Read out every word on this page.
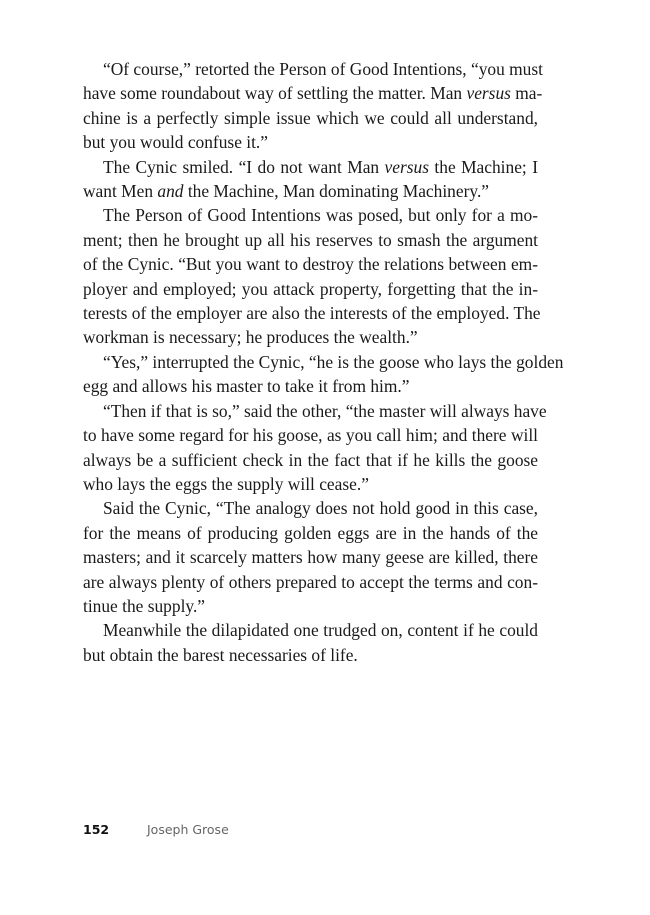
“Of course,” retorted the Person of Good Intentions, “you must
have some roundabout way of settling the matter. Man versus ma-
chine is a perfectly simple issue which we could all understand,
but you would confuse it.”

The Cynic smiled. “I do not want Man versus the Machine; I
want Men and the Machine, Man dominating Machinery.”

The Person of Good Intentions was posed, but only for a mo-
ment; then he brought up all his reserves to smash the argument
of the Cynic. “But you want to destroy the relations between em-
ployer and employed; you attack property, forgetting that the in-
terests of the employer are also the interests of the employed. The
workman is necessary; he produces the wealth.”

“Yes,” interrupted the Cynic, “he is the goose who lays the golden
egg and allows his master to take it from him.”

“Then if that is so,” said the other, “the master will always have
to have some regard for his goose, as you call him; and there will
always be a sufficient check in the fact that if he kills the goose
who lays the eggs the supply will cease.”

Said the Cynic, “The analogy does not hold good in this case,
for the means of producing golden eggs are in the hands of the
masters; and it scarcely matters how many geese are killed, there
are always plenty of others prepared to accept the terms and con-
tinue the supply.”

Meanwhile the dilapidated one trudged on, content if he could
but obtain the barest necessaries of life.

152	Joseph Grose
